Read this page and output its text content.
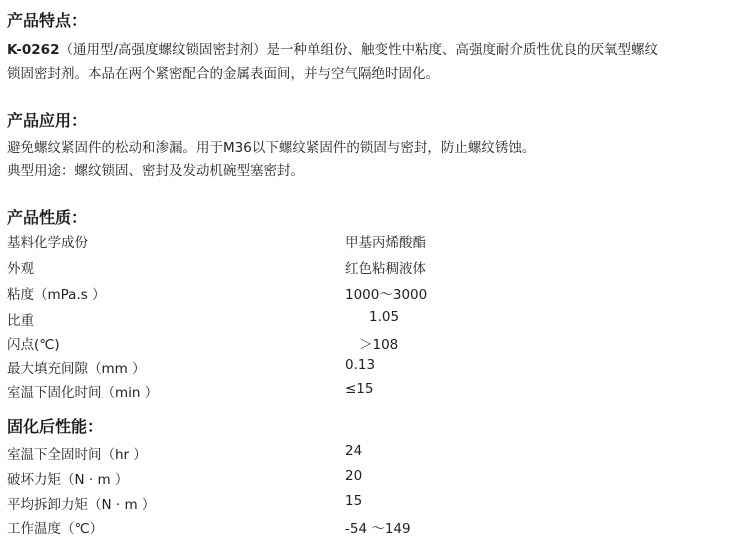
产品特点：
K-0262（通用型/高强度螺纹锁固密封剂）是一种单组份、触变性中粘度、高强度耐介质性优良的厌氧型螺纹
锁固密封剂。本品在两个紧密配合的金属表面间，并与空气隔绝时固化。
产品应用：
避免螺纹紧固件的松动和渗漏。用于M36以下螺纹紧固件的锁固与密封，防止螺纹锈蚀。
典型用途：螺纹锁固、密封及发动机碗型塞密封。
产品性质：
基料化学成份	甲基丙烯酸酯
外观	红色粘稠液体
粘度（mPa.s ）	1000～3000
比重	1.05
闪点(℃)	＞108
最大填充间隙（mm ）	0.13
室温下固化时间（min ）	≤15
固化后性能：
室温下全固时间（hr ）	24
破坏力矩（N · m ）	20
平均拆卸力矩（N · m ）	15
工作温度（℃）	-54 ～149
